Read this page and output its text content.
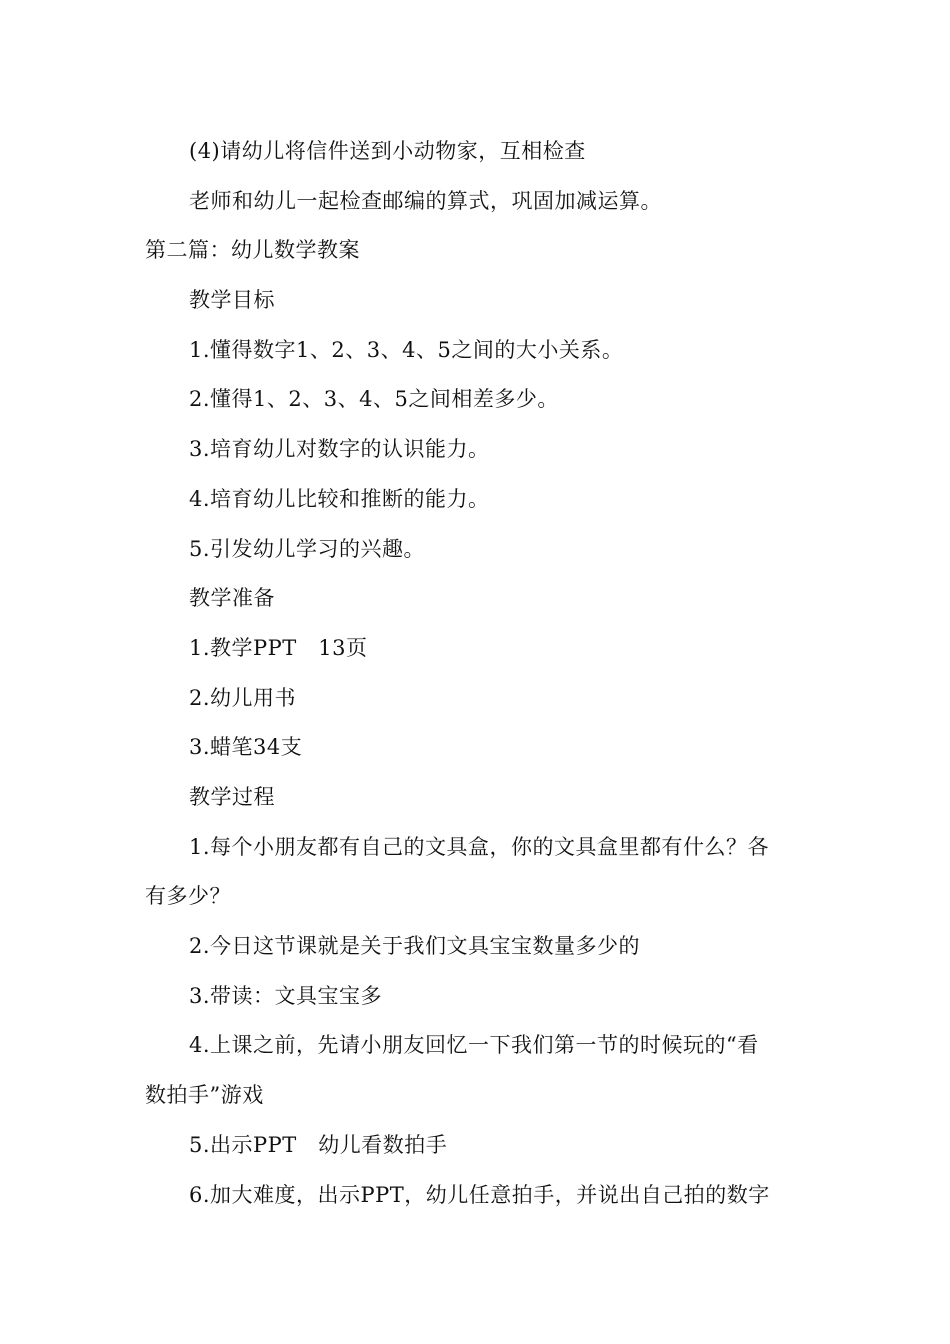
(4)请幼儿将信件送到小动物家，互相检查
老师和幼儿一起检查邮编的算式，巩固加减运算。
第二篇：幼儿数学教案
教学目标
1.懂得数字1、2、3、4、5之间的大小关系。
2.懂得1、2、3、4、5之间相差多少。
3.培育幼儿对数字的认识能力。
4.培育幼儿比较和推断的能力。
5.引发幼儿学习的兴趣。
教学准备
1.教学PPT　13页
2.幼儿用书
3.蜡笔34支
教学过程
1.每个小朋友都有自己的文具盒，你的文具盒里都有什么？各
有多少？
2.今日这节课就是关于我们文具宝宝数量多少的
3.带读：文具宝宝多
4.上课之前，先请小朋友回忆一下我们第一节的时候玩的“看
数拍手”游戏
5.出示PPT　幼儿看数拍手
6.加大难度，出示PPT，幼儿任意拍手，并说出自己拍的数字
